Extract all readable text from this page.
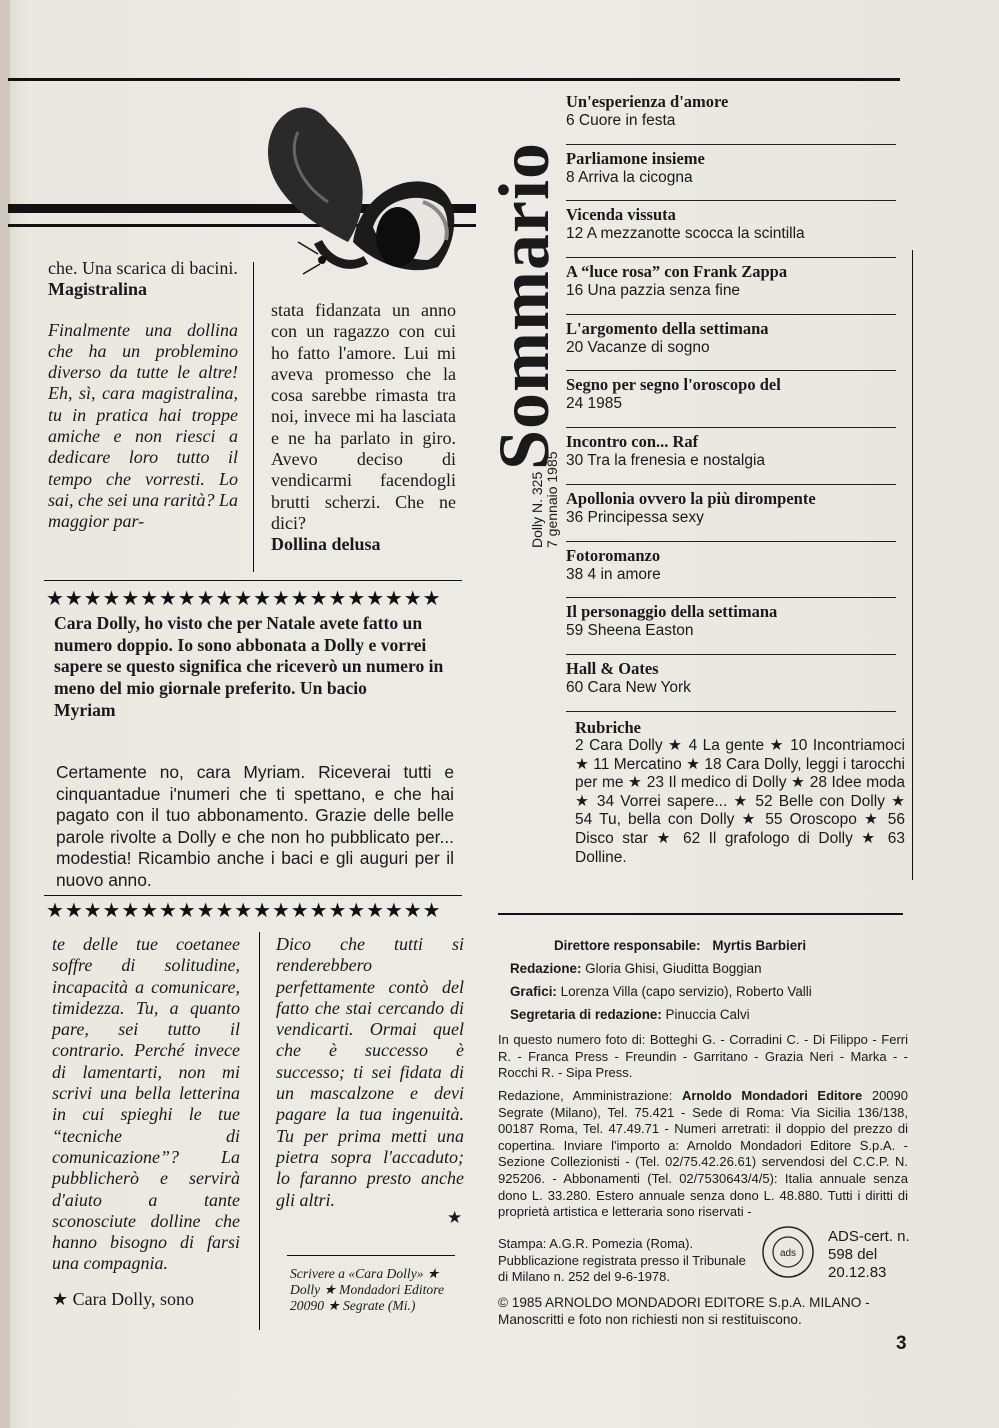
che. Una scarica di bacini.

Magistralina

Finalmente una dollina che ha un problemino diverso da tutte le altre! Eh, sì, cara magistralina, tu in pratica hai troppe amiche e non riesci a dedicare loro tutto il tempo che vorresti. Lo sai, che sei una rarità? La maggior par-

stata fidanzata un anno con un ragazzo con cui ho fatto l'amore. Lui mi aveva promesso che la cosa sarebbe rimasta tra noi, invece mi ha lasciata e ne ha parlato in giro. Avevo deciso di vendicarmi facendogli brutti scherzi. Che ne dici?

Dollina delusa

★★★★★★★★★★★★★★★★★★★★★

Cara Dolly, ho visto che per Natale avete fatto un numero doppio. Io sono abbonata a Dolly e vorrei sapere se questo significa che riceverò un numero in meno del mio giornale preferito. Un bacio

Myriam

Certamente no, cara Myriam. Riceverai tutti e cinquantadue i'numeri che ti spettano, e che hai pagato con il tuo abbonamento. Grazie delle belle parole rivolte a Dolly e che non ho pubblicato per... modestia! Ricambio anche i baci e gli auguri per il nuovo anno.

★★★★★★★★★★★★★★★★★★★★★

te delle tue coetanee soffre di solitudine, incapacità a comunicare, timidezza. Tu, a quanto pare, sei tutto il contrario. Perché invece di lamentarti, non mi scrivi una bella letterina in cui spieghi le tue “tecniche di comunicazione”? La pubblicherò e servirà d'aiuto a tante sconosciute dolline che hanno bisogno di farsi una compagnia.

★ Cara Dolly, sono

Dico che tutti si renderebbero perfettamente contò del fatto che stai cercando di vendicarti. Ormai quel che è successo è successo; ti sei fidata di un mascalzone e devi pagare la tua ingenuità. Tu per prima metti una pietra sopra l'accaduto; lo faranno presto anche gli altri.

★
Scrivere a «Cara Dolly» ★ Dolly ★ Mondadori Editore 20090 ★ Segrate (Mi.)
Sommario
Dolly N. 325 7 gennaio 1985
Un'esperienza d'amore
6 Cuore in festa
Parliamone insieme
8 Arriva la cicogna
Vicenda vissuta
12 A mezzanotte scocca la scintilla
A “luce rosa” con Frank Zappa
16 Una pazzia senza fine
L'argomento della settimana
20 Vacanze di sogno
Segno per segno l'oroscopo del
24 1985
Incontro con... Raf
30 Tra la frenesia e nostalgia
Apollonia ovvero la più dirompente
36 Principessa sexy
Fotoromanzo
38 4 in amore
Il personaggio della settimana
59 Sheena Easton
Hall & Oates
60 Cara New York
Rubriche
2 Cara Dolly ★ 4 La gente ★ 10 Incontriamoci ★ 11 Mercatino ★ 18 Cara Dolly, leggi i tarocchi per me ★ 23 Il medico di Dolly ★ 28 Idee moda ★ 34 Vorrei sapere... ★ 52 Belle con Dolly ★ 54 Tu, bella con Dolly ★ 55 Oroscopo ★ 56 Disco star ★ 62 Il grafologo di Dolly ★ 63 Dolline.
Direttore responsabile: Myrtis Barbieri
Redazione: Gloria Ghisi, Giuditta Boggian
Grafici: Lorenza Villa (capo servizio), Roberto Valli
Segretaria di redazione: Pinuccia Calvi
In questo numero foto di: Botteghi G. - Corradini C. - Di Filippo - Ferri R. - Franca Press - Freundin - Garritano - Grazia Neri - Marka - - Rocchi R. - Sipa Press.
Redazione, Amministrazione: Arnoldo Mondadori Editore 20090 Segrate (Milano), Tel. 75.421 - Sede di Roma: Via Sicilia 136/138, 00187 Roma, Tel. 47.49.71 - Numeri arretrati: il doppio del prezzo di copertina. Inviare l'importo a: Arnoldo Mondadori Editore S.p.A. - Sezione Collezionisti - (Tel. 02/75.42.26.61) servendosi del C.C.P. N. 925206. - Abbonamenti (Tel. 02/7530643/4/5): Italia annuale senza dono L. 33.280. Estero annuale senza dono L. 48.880. Tutti i diritti di proprietà artistica e letteraria sono riservati -
Stampa: A.G.R. Pomezia (Roma). Pubblicazione registrata presso il Tribunale di Milano n. 252 del 9-6-1978.
ads
ADS-cert. n. 598 del 20.12.83
© 1985 ARNOLDO MONDADORI EDITORE S.p.A. MILANO - Manoscritti e foto non richiesti non si restituiscono.
3
